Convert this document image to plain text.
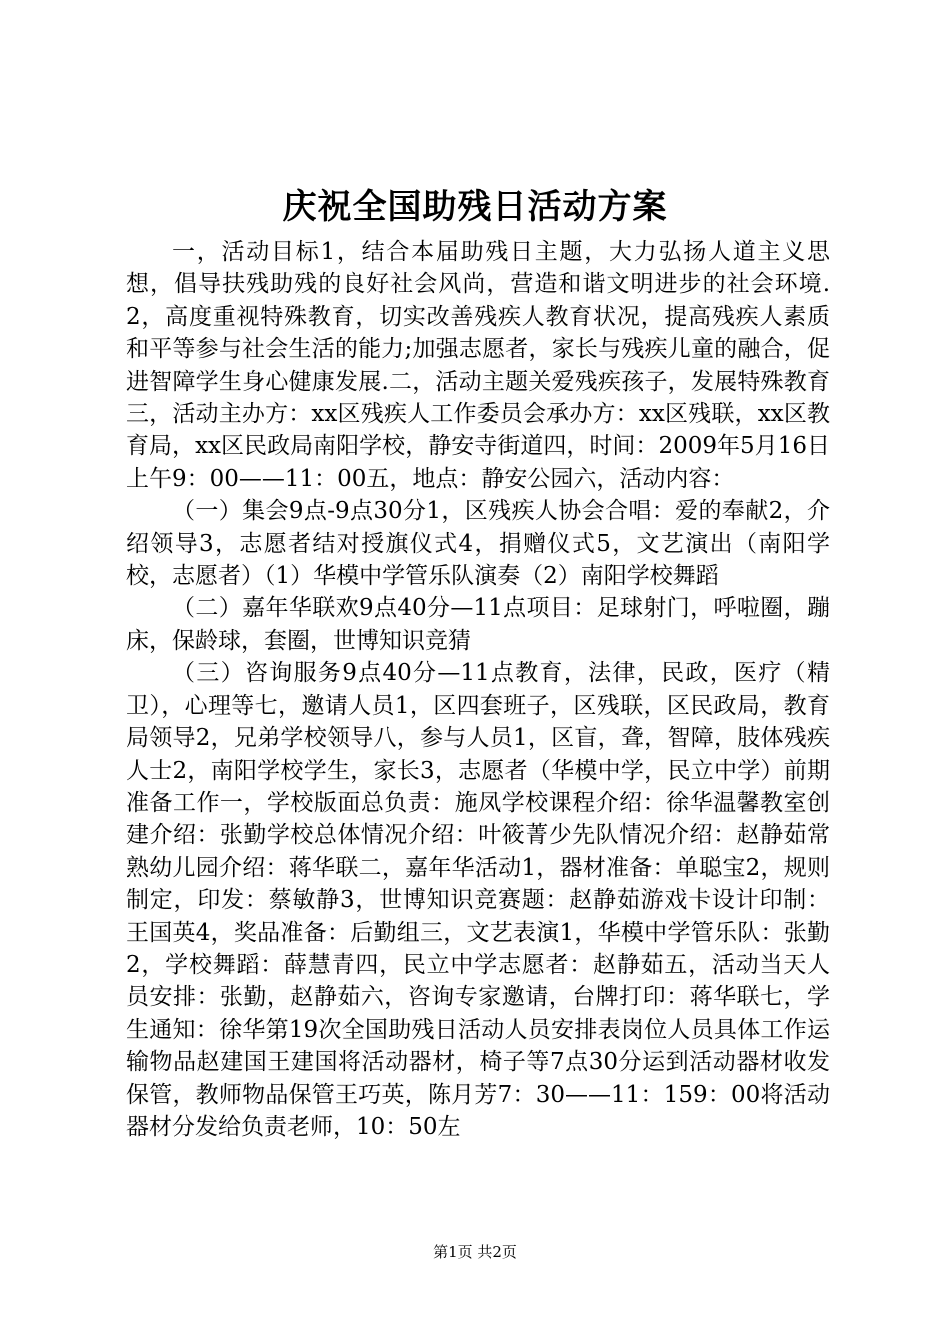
庆祝全国助残日活动方案

一，活动目标1，结合本届助残日主题，大力弘扬人道主义思想，倡导扶残助残的良好社会风尚，营造和谐文明进步的社会环境.2，高度重视特殊教育，切实改善残疾人教育状况，提高残疾人素质和平等参与社会生活的能力;加强志愿者，家长与残疾儿童的融合，促进智障学生身心健康发展.二，活动主题关爱残疾孩子，发展特殊教育三，活动主办方：xx区残疾人工作委员会承办方：xx区残联，xx区教育局，xx区民政局南阳学校，静安寺街道四，时间：2009年5月16日上午9：00——11：00五，地点：静安公园六，活动内容：

（一）集会9点-9点30分1，区残疾人协会合唱：爱的奉献2，介绍领导3，志愿者结对授旗仪式4，捐赠仪式5，文艺演出（南阳学校，志愿者）（1）华模中学管乐队演奏（2）南阳学校舞蹈

（二）嘉年华联欢9点40分—11点项目：足球射门，呼啦圈，蹦床，保龄球，套圈，世博知识竞猜

（三）咨询服务9点40分—11点教育，法律，民政，医疗（精卫），心理等七，邀请人员1，区四套班子，区残联，区民政局，教育局领导2，兄弟学校领导八，参与人员1，区盲，聋，智障，肢体残疾人士2，南阳学校学生，家长3，志愿者（华模中学，民立中学）前期准备工作一，学校版面总负责：施凤学校课程介绍：徐华温馨教室创建介绍：张勤学校总体情况介绍：叶筱菁少先队情况介绍：赵静茹常熟幼儿园介绍：蒋华联二，嘉年华活动1，器材准备：单聪宝2，规则制定，印发：蔡敏静3，世博知识竞赛题：赵静茹游戏卡设计印制：王国英4，奖品准备：后勤组三，文艺表演1，华模中学管乐队：张勤2，学校舞蹈：薛慧青四，民立中学志愿者：赵静茹五，活动当天人员安排：张勤，赵静茹六，咨询专家邀请，台牌打印：蒋华联七，学生通知：徐华第19次全国助残日活动人员安排表岗位人员具体工作运输物品赵建国王建国将活动器材，椅子等7点30分运到活动器材收发保管，教师物品保管王巧英，陈月芳7：30——11：159：00将活动器材分发给负责老师，10：50左

第1页 共2页
